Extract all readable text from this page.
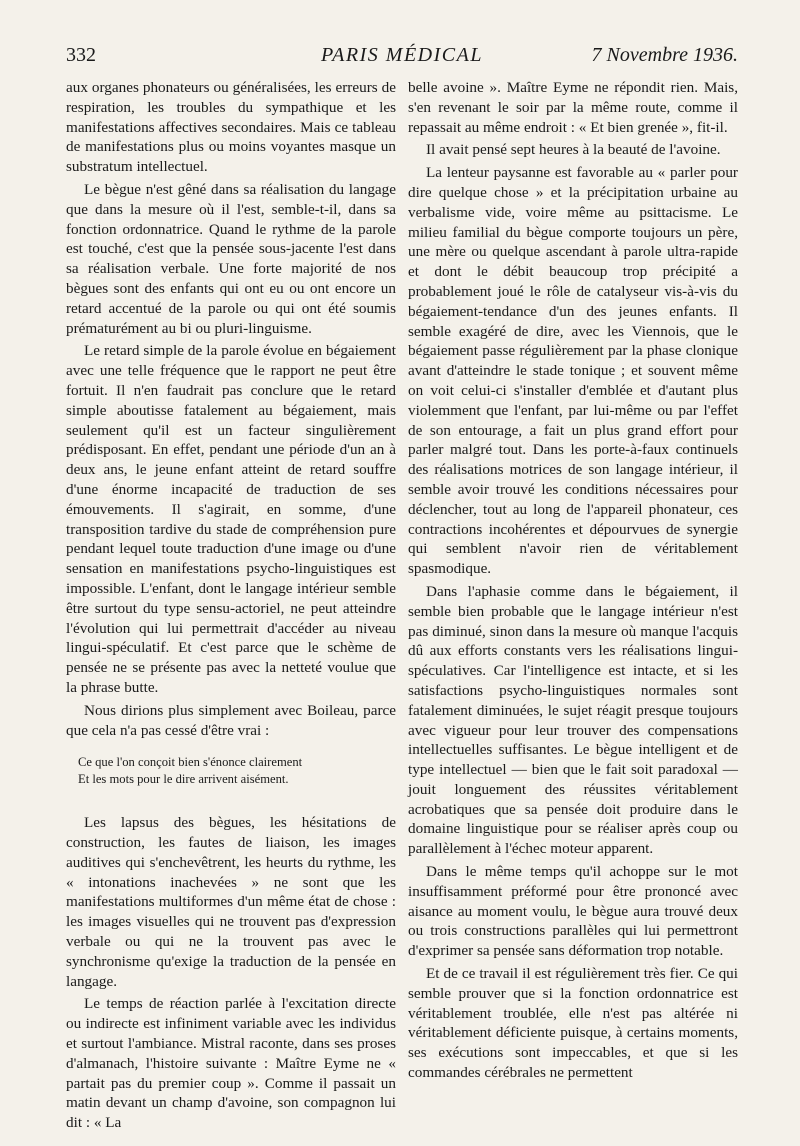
332	PARIS MÉDICAL	7 Novembre 1936.

aux organes phonateurs ou généralisées, les erreurs de respiration, les troubles du sympathique et les manifestations affectives secondaires. Mais ce tableau de manifestations plus ou moins voyantes masque un substratum intellectuel.

Le bègue n'est gêné dans sa réalisation du langage que dans la mesure où il l'est, semble-t-il, dans sa fonction ordonnatrice. Quand le rythme de la parole est touché, c'est que la pensée sous-jacente l'est dans sa réalisation verbale. Une forte majorité de nos bègues sont des enfants qui ont eu ou ont encore un retard accentué de la parole ou qui ont été soumis prématurément au bi ou pluri-linguisme.

Le retard simple de la parole évolue en bégaiement avec une telle fréquence que le rapport ne peut être fortuit. Il n'en faudrait pas conclure que le retard simple aboutisse fatalement au bégaiement, mais seulement qu'il est un facteur singulièrement prédisposant. En effet, pendant une période d'un an à deux ans, le jeune enfant atteint de retard souffre d'une énorme incapacité de traduction de ses émouvements. Il s'agirait, en somme, d'une transposition tardive du stade de compréhension pure pendant lequel toute traduction d'une image ou d'une sensation en manifestations psycho-linguistiques est impossible. L'enfant, dont le langage intérieur semble être surtout du type sensu-actoriel, ne peut atteindre l'évolution qui lui permettrait d'accéder au niveau lingui-spéculatif. Et c'est parce que le schème de pensée ne se présente pas avec la netteté voulue que la phrase butte.

Nous dirions plus simplement avec Boileau, parce que cela n'a pas cessé d'être vrai :

Ce que l'on conçoit bien s'énonce clairement
Et les mots pour le dire arrivent aisément.

Les lapsus des bègues, les hésitations de construction, les fautes de liaison, les images auditives qui s'enchevêtrent, les heurts du rythme, les « intonations inachevées » ne sont que les manifestations multiformes d'un même état de chose : les images visuelles qui ne trouvent pas d'expression verbale ou qui ne la trouvent pas avec le synchronisme qu'exige la traduction de la pensée en langage.

Le temps de réaction parlée à l'excitation directe ou indirecte est infiniment variable avec les individus et surtout l'ambiance. Mistral raconte, dans ses proses d'almanach, l'histoire suivante : Maître Eyme ne « partait pas du premier coup ». Comme il passait un matin devant un champ d'avoine, son compagnon lui dit : « La

belle avoine ». Maître Eyme ne répondit rien. Mais, s'en revenant le soir par la même route, comme il repassait au même endroit : « Et bien grenée », fit-il.

Il avait pensé sept heures à la beauté de l'avoine.

La lenteur paysanne est favorable au « parler pour dire quelque chose » et la précipitation urbaine au verbalisme vide, voire même au psittacisme. Le milieu familial du bègue comporte toujours un père, une mère ou quelque ascendant à parole ultra-rapide et dont le débit beaucoup trop précipité a probablement joué le rôle de catalyseur vis-à-vis du bégaiement-tendance d'un des jeunes enfants. Il semble exagéré de dire, avec les Viennois, que le bégaiement passe régulièrement par la phase clonique avant d'atteindre le stade tonique ; et souvent même on voit celui-ci s'installer d'emblée et d'autant plus violemment que l'enfant, par lui-même ou par l'effet de son entourage, a fait un plus grand effort pour parler malgré tout. Dans les porte-à-faux continuels des réalisations motrices de son langage intérieur, il semble avoir trouvé les conditions nécessaires pour déclencher, tout au long de l'appareil phonateur, ces contractions incohérentes et dépourvues de synergie qui semblent n'avoir rien de véritablement spasmodique.

Dans l'aphasie comme dans le bégaiement, il semble bien probable que le langage intérieur n'est pas diminué, sinon dans la mesure où manque l'acquis dû aux efforts constants vers les réalisations lingui-spéculatives. Car l'intelligence est intacte, et si les satisfactions psycho-linguistiques normales sont fatalement diminuées, le sujet réagit presque toujours avec vigueur pour leur trouver des compensations intellectuelles suffisantes. Le bègue intelligent et de type intellectuel — bien que le fait soit paradoxal — jouit longuement des réussites véritablement acrobatiques que sa pensée doit produire dans le domaine linguistique pour se réaliser après coup ou parallèlement à l'échec moteur apparent.

Dans le même temps qu'il achoppe sur le mot insuffisamment préformé pour être prononcé avec aisance au moment voulu, le bègue aura trouvé deux ou trois constructions parallèles qui lui permettront d'exprimer sa pensée sans déformation trop notable.

Et de ce travail il est régulièrement très fier. Ce qui semble prouver que si la fonction ordonnatrice est véritablement troublée, elle n'est pas altérée ni véritablement déficiente puisque, à certains moments, ses exécutions sont impeccables, et que si les commandes cérébrales ne permettent
